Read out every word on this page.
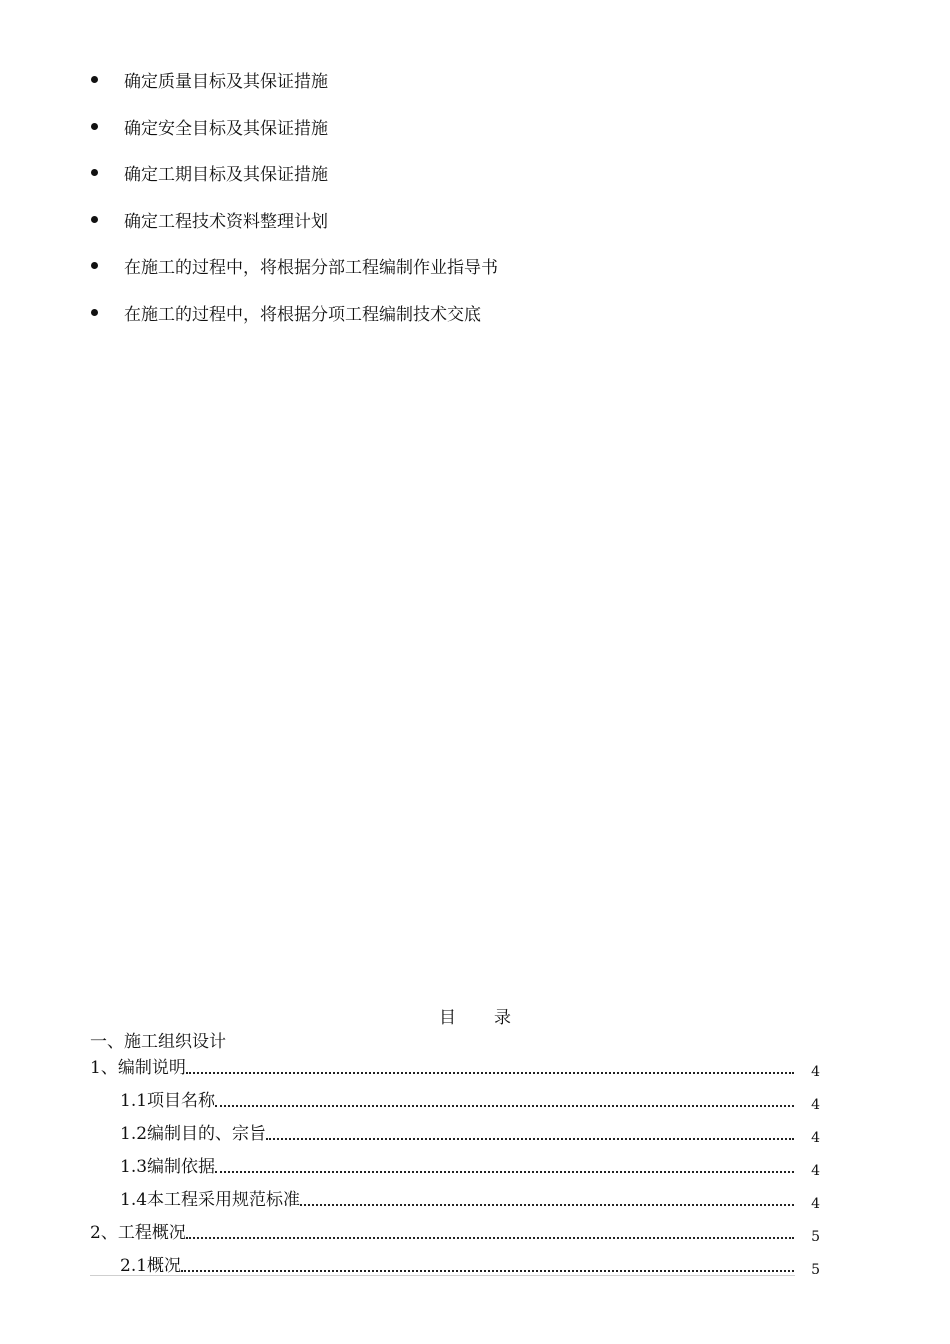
确定质量目标及其保证措施
确定安全目标及其保证措施
确定工期目标及其保证措施
确定工程技术资料整理计划
在施工的过程中，将根据分部工程编制作业指导书
在施工的过程中，将根据分项工程编制技术交底
目录
一、施工组织设计
1、编制说明	4
1.1项目名称	4
1.2编制目的、宗旨	4
1.3编制依据	4
1.4本工程采用规范标准	4
2、工程概况	5
2.1概况	5
